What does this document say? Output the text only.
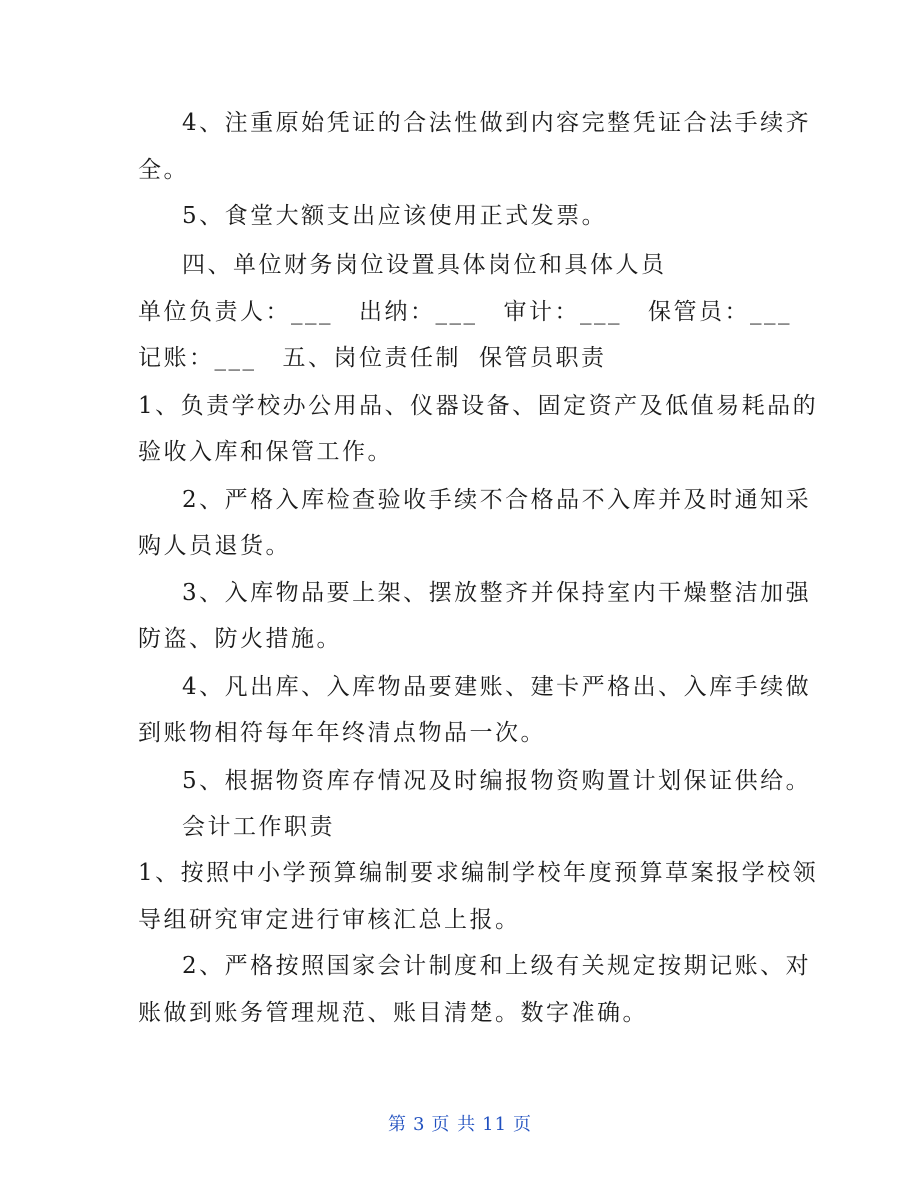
4、注重原始凭证的合法性做到内容完整凭证合法手续齐
全。
5、食堂大额支出应该使用正式发票。
四、单位财务岗位设置具体岗位和具体人员
单位负责人：___ 出纳：___ 审计：___ 保管员：___
记账：___ 五、岗位责任制 保管员职责
1、负责学校办公用品、仪器设备、固定资产及低值易耗品的
验收入库和保管工作。
2、严格入库检查验收手续不合格品不入库并及时通知采
购人员退货。
3、入库物品要上架、摆放整齐并保持室内干燥整洁加强
防盗、防火措施。
4、凡出库、入库物品要建账、建卡严格出、入库手续做
到账物相符每年年终清点物品一次。
5、根据物资库存情况及时编报物资购置计划保证供给。
会计工作职责
1、按照中小学预算编制要求编制学校年度预算草案报学校领
导组研究审定进行审核汇总上报。
2、严格按照国家会计制度和上级有关规定按期记账、对
账做到账务管理规范、账目清楚。数字准确。
第 3 页 共 11 页
